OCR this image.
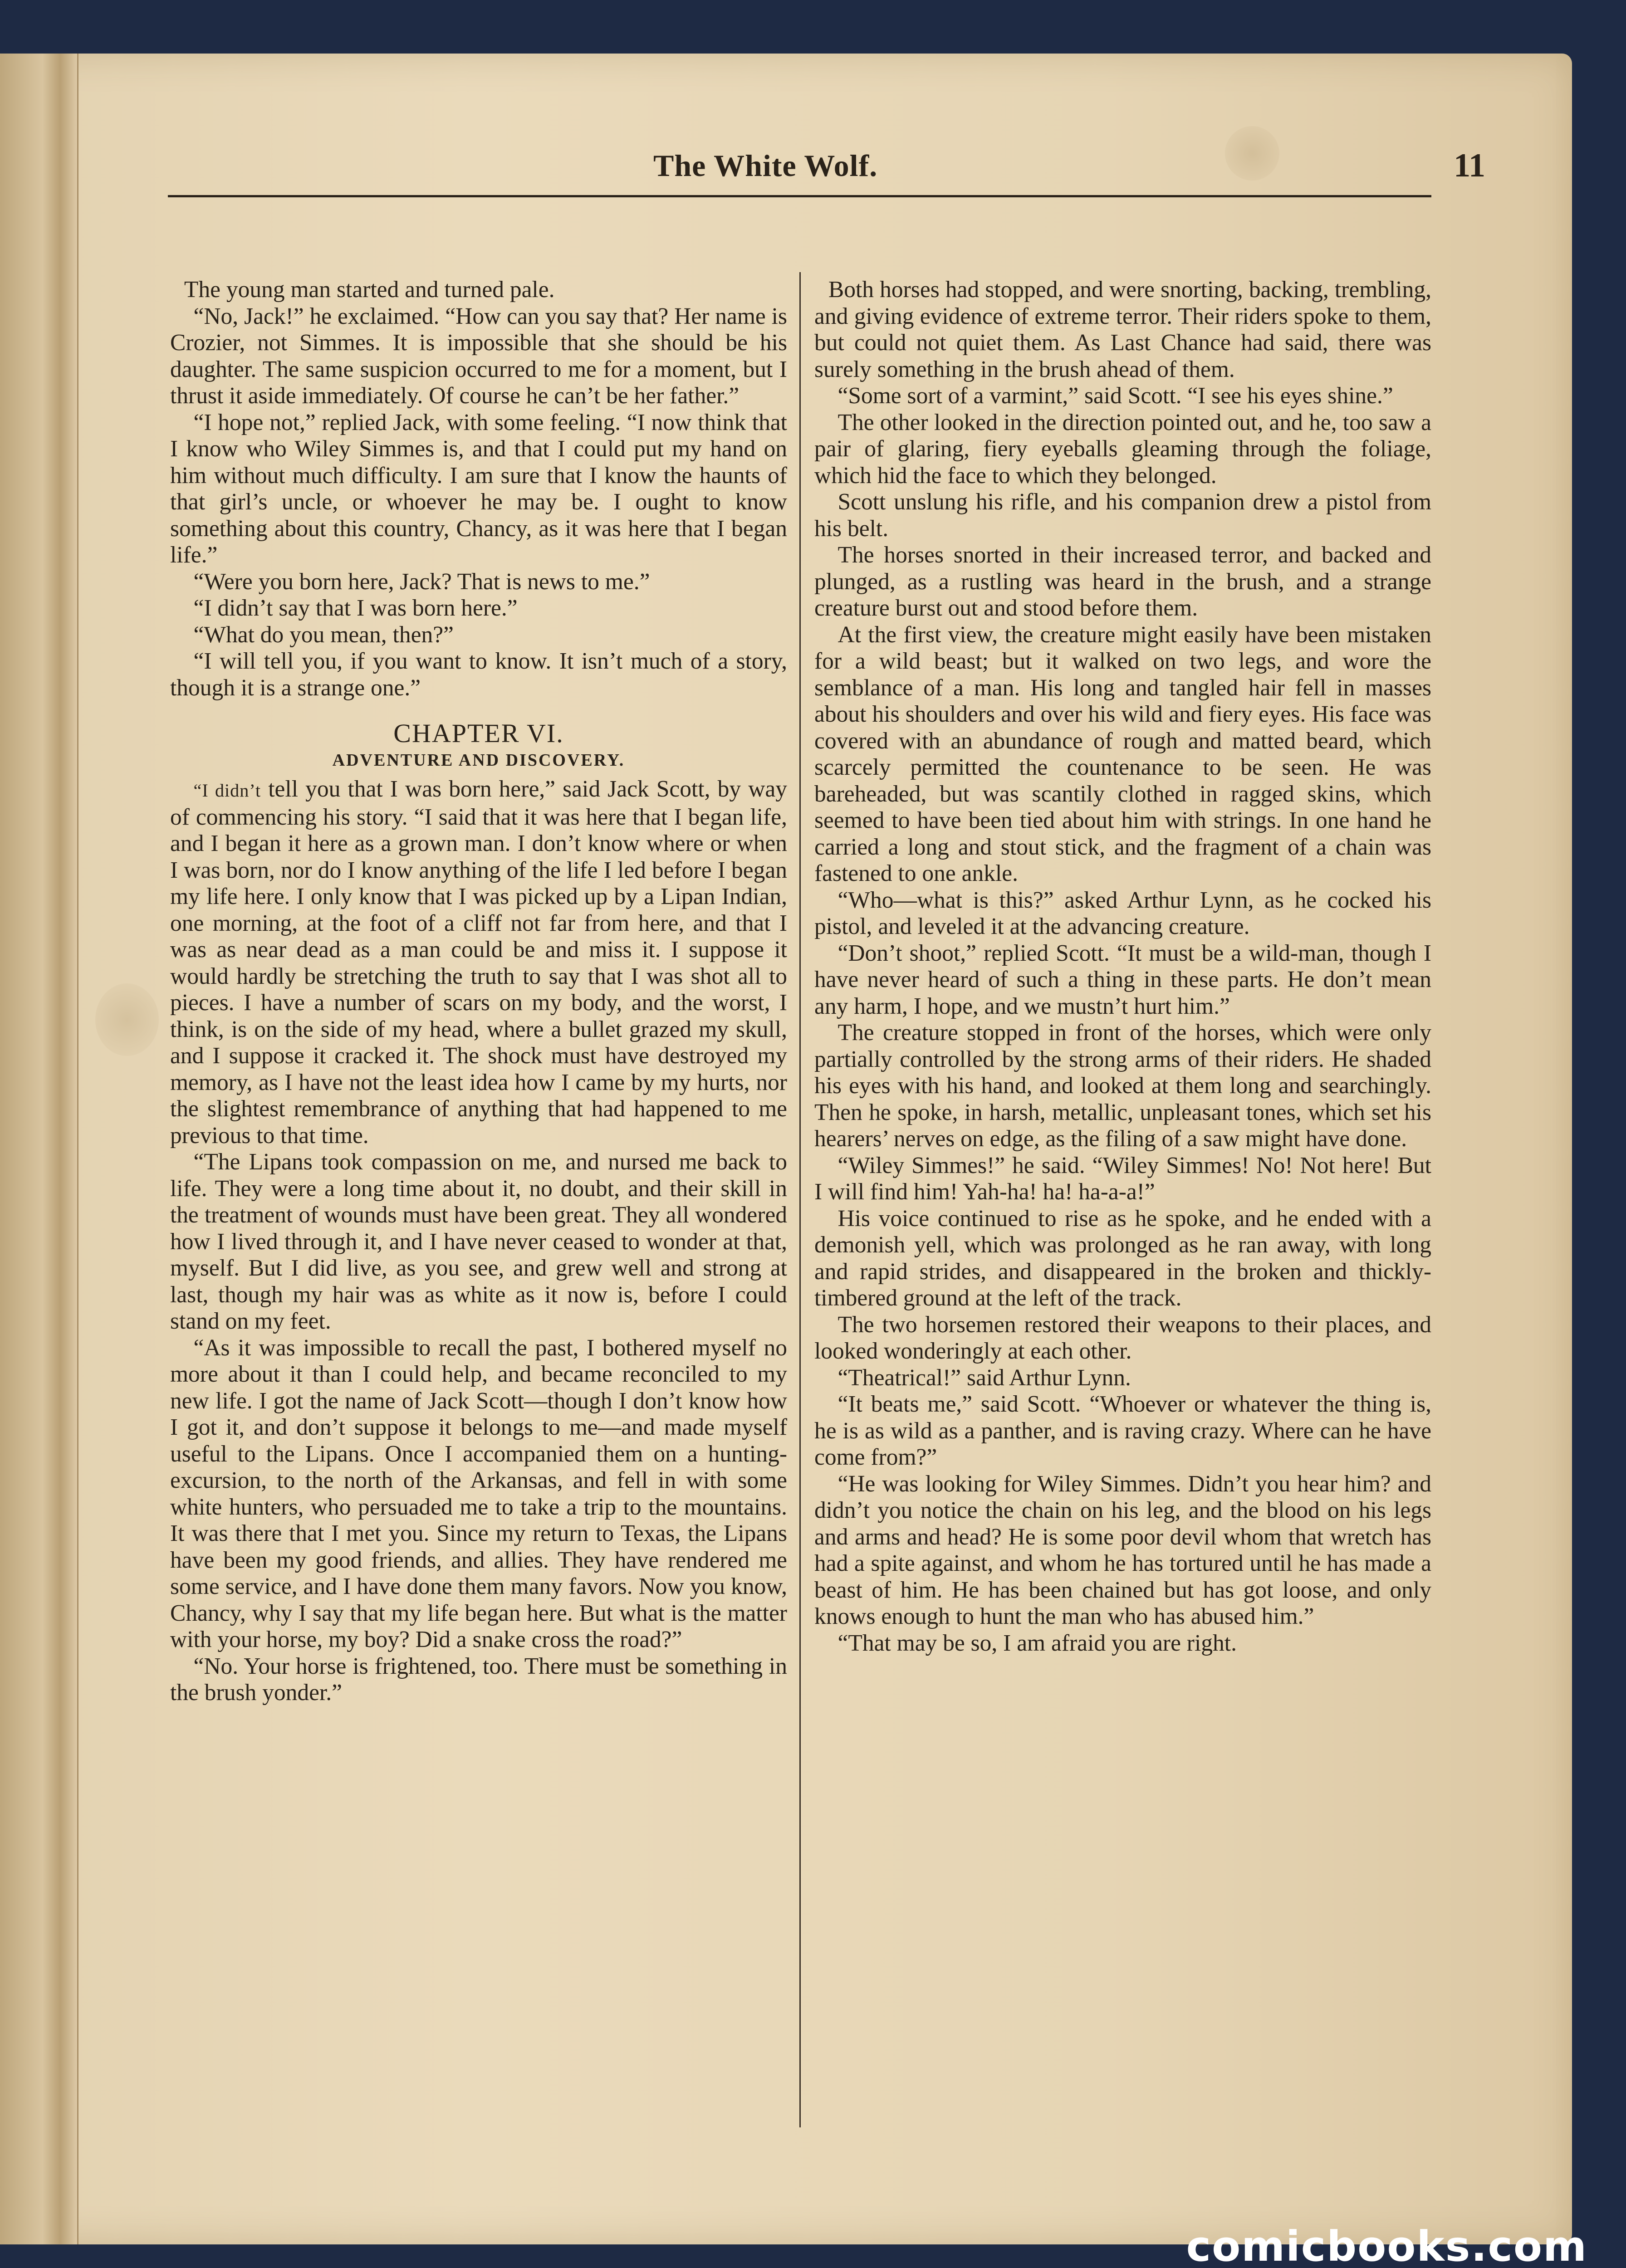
The White Wolf.	11

The young man started and turned pale.

“No, Jack!” he exclaimed. “How can you say that? Her name is Crozier, not Simmes. It is impossible that she should be his daughter. The same suspicion occurred to me for a moment, but I thrust it aside immediately. Of course he can’t be her father.”

“I hope not,” replied Jack, with some feeling. “I now think that I know who Wiley Simmes is, and that I could put my hand on him without much difficulty. I am sure that I know the haunts of that girl’s uncle, or whoever he may be. I ought to know something about this country, Chancy, as it was here that I began life.”

“Were you born here, Jack? That is news to me.”

“I didn’t say that I was born here.”

“What do you mean, then?”

“I will tell you, if you want to know. It isn’t much of a story, though it is a strange one.”

CHAPTER VI.
ADVENTURE AND DISCOVERY.

“I didn’t tell you that I was born here,” said Jack Scott, by way of commencing his story. “I said that it was here that I began life, and I began it here as a grown man. I don’t know where or when I was born, nor do I know anything of the life I led before I began my life here. I only know that I was picked up by a Lipan Indian, one morning, at the foot of a cliff not far from here, and that I was as near dead as a man could be and miss it. I suppose it would hardly be stretching the truth to say that I was shot all to pieces. I have a number of scars on my body, and the worst, I think, is on the side of my head, where a bullet grazed my skull, and I suppose it cracked it. The shock must have destroyed my memory, as I have not the least idea how I came by my hurts, nor the slightest remembrance of anything that had happened to me previous to that time.

“The Lipans took compassion on me, and nursed me back to life. They were a long time about it, no doubt, and their skill in the treatment of wounds must have been great. They all wondered how I lived through it, and I have never ceased to wonder at that, myself. But I did live, as you see, and grew well and strong at last, though my hair was as white as it now is, before I could stand on my feet.

“As it was impossible to recall the past, I bothered myself no more about it than I could help, and became reconciled to my new life. I got the name of Jack Scott—though I don’t know how I got it, and don’t suppose it belongs to me—and made myself useful to the Lipans. Once I accompanied them on a hunting-excursion, to the north of the Arkansas, and fell in with some white hunters, who persuaded me to take a trip to the mountains. It was there that I met you. Since my return to Texas, the Lipans have been my good friends, and allies. They have rendered me some service, and I have done them many favors. Now you know, Chancy, why I say that my life began here. But what is the matter with your horse, my boy? Did a snake cross the road?”

“No. Your horse is frightened, too. There must be something in the brush yonder.”

Both horses had stopped, and were snorting, backing, trembling, and giving evidence of extreme terror. Their riders spoke to them, but could not quiet them. As Last Chance had said, there was surely something in the brush ahead of them.

“Some sort of a varmint,” said Scott. “I see his eyes shine.”

The other looked in the direction pointed out, and he, too saw a pair of glaring, fiery eyeballs gleaming through the foliage, which hid the face to which they belonged.

Scott unslung his rifle, and his companion drew a pistol from his belt.

The horses snorted in their increased terror, and backed and plunged, as a rustling was heard in the brush, and a strange creature burst out and stood before them.

At the first view, the creature might easily have been mistaken for a wild beast; but it walked on two legs, and wore the semblance of a man. His long and tangled hair fell in masses about his shoulders and over his wild and fiery eyes. His face was covered with an abundance of rough and matted beard, which scarcely permitted the countenance to be seen. He was bareheaded, but was scantily clothed in ragged skins, which seemed to have been tied about him with strings. In one hand he carried a long and stout stick, and the fragment of a chain was fastened to one ankle.

“Who—what is this?” asked Arthur Lynn, as he cocked his pistol, and leveled it at the advancing creature.

“Don’t shoot,” replied Scott. “It must be a wild-man, though I have never heard of such a thing in these parts. He don’t mean any harm, I hope, and we mustn’t hurt him.”

The creature stopped in front of the horses, which were only partially controlled by the strong arms of their riders. He shaded his eyes with his hand, and looked at them long and searchingly. Then he spoke, in harsh, metallic, unpleasant tones, which set his hearers’ nerves on edge, as the filing of a saw might have done.

“Wiley Simmes!” he said. “Wiley Simmes! No! Not here! But I will find him! Yah-ha! ha! ha-a-a!”

His voice continued to rise as he spoke, and he ended with a demonish yell, which was prolonged as he ran away, with long and rapid strides, and disappeared in the broken and thickly-timbered ground at the left of the track.

The two horsemen restored their weapons to their places, and looked wonderingly at each other.

“Theatrical!” said Arthur Lynn.

“It beats me,” said Scott. “Whoever or whatever the thing is, he is as wild as a panther, and is raving crazy. Where can he have come from?”

“He was looking for Wiley Simmes. Didn’t you hear him? and didn’t you notice the chain on his leg, and the blood on his legs and arms and head? He is some poor devil whom that wretch has had a spite against, and whom he has tortured until he has made a beast of him. He has been chained but has got loose, and only knows enough to hunt the man who has abused him.”

“That may be so, I am afraid you are right.

comicbooks.com
